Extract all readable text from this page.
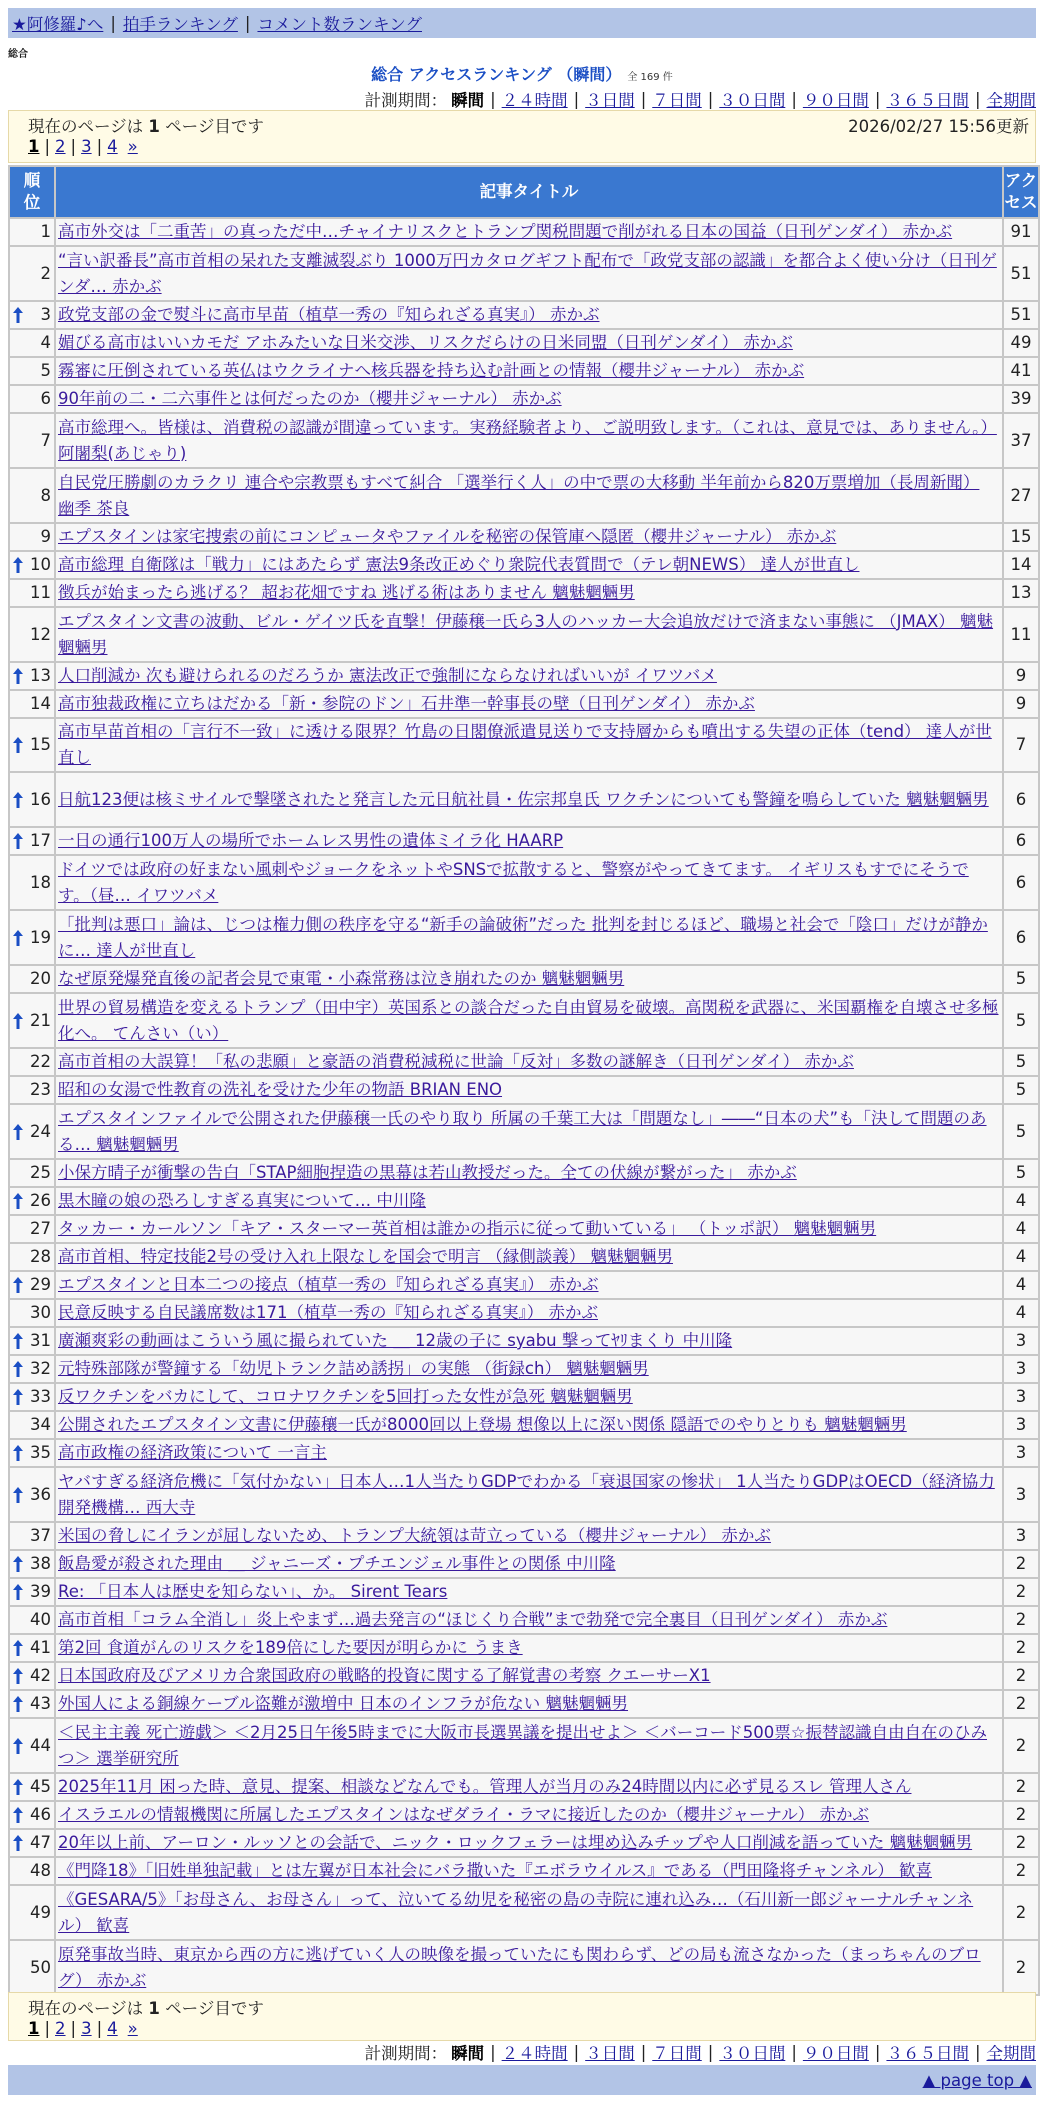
★阿修羅♪へ | 拍手ランキング | コメント数ランキング
総合
総合 アクセスランキング （瞬間） 全 169 件
計測期間： 瞬間 | ２４時間 | ３日間 | ７日間 | ３０日間 | ９０日間 | ３６５日間 | 全期間
現在のページは 1 ページ目です	2026/02/27 15:56更新
1 | 2 | 3 | 4 »
順位	記事タイトル	アクセス
1	高市外交は「二重苦」の真っただ中…チャイナリスクとトランプ関税問題で削がれる日本の国益（日刊ゲンダイ） 赤かぶ	91
2	“言い訳番長”高市首相の呆れた支離滅裂ぶり 1000万円カタログギフト配布で「政党支部の認識」を都合よく使い分け（日刊ゲンダ… 赤かぶ	51

3	政党支部の金で熨斗に高市早苗（植草一秀の『知られざる真実』） 赤かぶ	51
4	媚びる高市はいいカモだ アホみたいな日米交渉、リスクだらけの日米同盟（日刊ゲンダイ） 赤かぶ	49
5	霧審に圧倒されている英仏はウクライナへ核兵器を持ち込む計画との情報（櫻井ジャーナル） 赤かぶ	41
6	90年前の二・二六事件とは何だったのか（櫻井ジャーナル） 赤かぶ	39
7	高市総理へ。皆様は、消費税の認識が間違っています。実務経験者より、ご説明致します。（これは、意見では、ありません。） 阿闍梨(あじゃり)	37
8	自民党圧勝劇のカラクリ 連合や宗教票もすべて糾合 「選挙行く人」の中で票の大移動 半年前から820万票増加（長周新聞） 幽季 茶良	27
9	エプスタインは家宅捜索の前にコンピュータやファイルを秘密の保管庫へ隠匿（櫻井ジャーナル） 赤かぶ	15

10	高市総理 自衛隊は「戦力」にはあたらず 憲法9条改正めぐり衆院代表質問で（テレ朝NEWS） 達人が世直し	14
11	徴兵が始まったら逃げる？ 超お花畑ですね 逃げる術はありません 魑魅魍魎男	13
12	エプスタイン文書の波動、ビル・ゲイツ氏を直撃！伊藤穣一氏ら3人のハッカー大会追放だけで済まない事態に （JMAX） 魑魅魍魎男	11

13	人口削減か 次も避けられるのだろうか 憲法改正で強制にならなければいいが イワツバメ	9
14	高市独裁政権に立ちはだかる「新・参院のドン」石井準一幹事長の壁（日刊ゲンダイ） 赤かぶ	9

15	高市早苗首相の「言行不一致」に透ける限界？竹島の日閣僚派遣見送りで支持層からも噴出する失望の正体（tend） 達人が世直し	7

16	日航123便は核ミサイルで撃墜されたと発言した元日航社員・佐宗邦皇氏 ワクチンについても警鐘を鳴らしていた 魑魅魍魎男	6

17	一日の通行100万人の場所でホームレス男性の遺体ミイラ化 HAARP	6
18	ドイツでは政府の好まない風刺やジョークをネットやSNSで拡散すると、警察がやってきてます。 イギリスもすでにそうです。（昼… イワツバメ	6

19	「批判は悪口」論は、じつは権力側の秩序を守る“新手の論破術”だった 批判を封じるほど、職場と社会で「陰口」だけが静かに… 達人が世直し	6
20	なぜ原発爆発直後の記者会見で東電・小森常務は泣き崩れたのか 魑魅魍魎男	5

21	世界の貿易構造を変えるトランプ（田中宇）英国系との談合だった自由貿易を破壊。高関税を武器に、米国覇権を自壊させ多極化へ。 てんさい（い）	5
22	高市首相の大誤算！「私の悲願」と豪語の消費税減税に世論「反対」多数の謎解き（日刊ゲンダイ） 赤かぶ	5
23	昭和の女湯で性教育の洗礼を受けた少年の物語 BRIAN ENO	5

24	エプスタインファイルで公開された伊藤穣一氏のやり取り 所属の千葉工大は「問題なし」――“日本の犬”も「決して問題のある… 魑魅魍魎男	5
25	小保方晴子が衝撃の告白「STAP細胞捏造の黒幕は若山教授だった。全ての伏線が繋がった」 赤かぶ	5

26	黒木瞳の娘の恐ろしすぎる真実について… 中川隆	4
27	タッカー・カールソン「キア・スターマー英首相は誰かの指示に従って動いている」 （トッポ訳） 魑魅魍魎男	4
28	高市首相、特定技能2号の受け入れ上限なしを国会で明言 （縁側談義） 魑魅魍魎男	4

29	エプスタインと日本二つの接点（植草一秀の『知られざる真実』） 赤かぶ	4
30	民意反映する自民議席数は171（植草一秀の『知られざる真実』） 赤かぶ	4

31	廣瀬爽彩の動画はこういう風に撮られていた ＿ 12歳の子に syabu 撃ってﾔﾘまくり 中川隆	3

32	元特殊部隊が警鐘する「幼児トランク詰め誘拐」の実態 （街録ch） 魑魅魍魎男	3

33	反ワクチンをバカにして、コロナワクチンを5回打った女性が急死 魑魅魍魎男	3
34	公開されたエプスタイン文書に伊藤穰一氏が8000回以上登場 想像以上に深い関係 隠語でのやりとりも 魑魅魍魎男	3

35	高市政権の経済政策について 一言主	3

36	ヤバすぎる経済危機に「気付かない」日本人…1人当たりGDPでわかる「衰退国家の惨状」 1人当たりGDPはOECD（経済協力開発機構… 西大寺	3
37	米国の脅しにイランが屈しないため、トランプ大統領は苛立っている（櫻井ジャーナル） 赤かぶ	3

38	飯島愛が殺された理由 ＿ ジャニーズ・プチエンジェル事件との関係 中川隆	2

39	Re: 「日本人は歴史を知らない」、か。 Sirent Tears	2
40	高市首相「コラム全消し」炎上やまず…過去発言の“ほじくり合戦”まで勃発で完全裏目（日刊ゲンダイ） 赤かぶ	2

41	第2回 食道がんのリスクを189倍にした要因が明らかに うまき	2

42	日本国政府及びアメリカ合衆国政府の戦略的投資に関する了解覚書の考察 クエーサーX1	2

43	外国人による銅線ケーブル盗難が激増中 日本のインフラが危ない 魑魅魍魎男	2

44	＜民主主義 死亡遊戯＞ ＜2月25日午後5時までに大阪市長選異議を提出せよ＞ ＜バーコード500票☆振替認識自由自在のひみつ＞ 選挙研究所	2

45	2025年11月 困った時、意見、提案、相談などなんでも。管理人が当月のみ24時間以内に必ず見るスレ 管理人さん	2

46	イスラエルの情報機関に所属したエプスタインはなぜダライ・ラマに接近したのか（櫻井ジャーナル） 赤かぶ	2

47	20年以上前、アーロン・ルッソとの会話で、ニック・ロックフェラーは埋め込みチップや人口削減を語っていた 魑魅魍魎男	2
48	《門降18》「旧姓単独記載」とは左翼が日本社会にバラ撒いた『エボラウイルス』である（門田隆将チャンネル） 歓喜	2
49	《GESARA/5》「お母さん、お母さん」って、泣いてる幼児を秘密の島の寺院に連れ込み…（石川新一郎ジャーナルチャンネル） 歓喜	2
50	原発事故当時、東京から西の方に逃げていく人の映像を撮っていたにも関わらず、どの局も流さなかった（まっちゃんのブログ） 赤かぶ	2
現在のページは 1 ページ目です
1 | 2 | 3 | 4 »
計測期間： 瞬間 | ２４時間 | ３日間 | ７日間 | ３０日間 | ９０日間 | ３６５日間 | 全期間
▲ page top ▲
